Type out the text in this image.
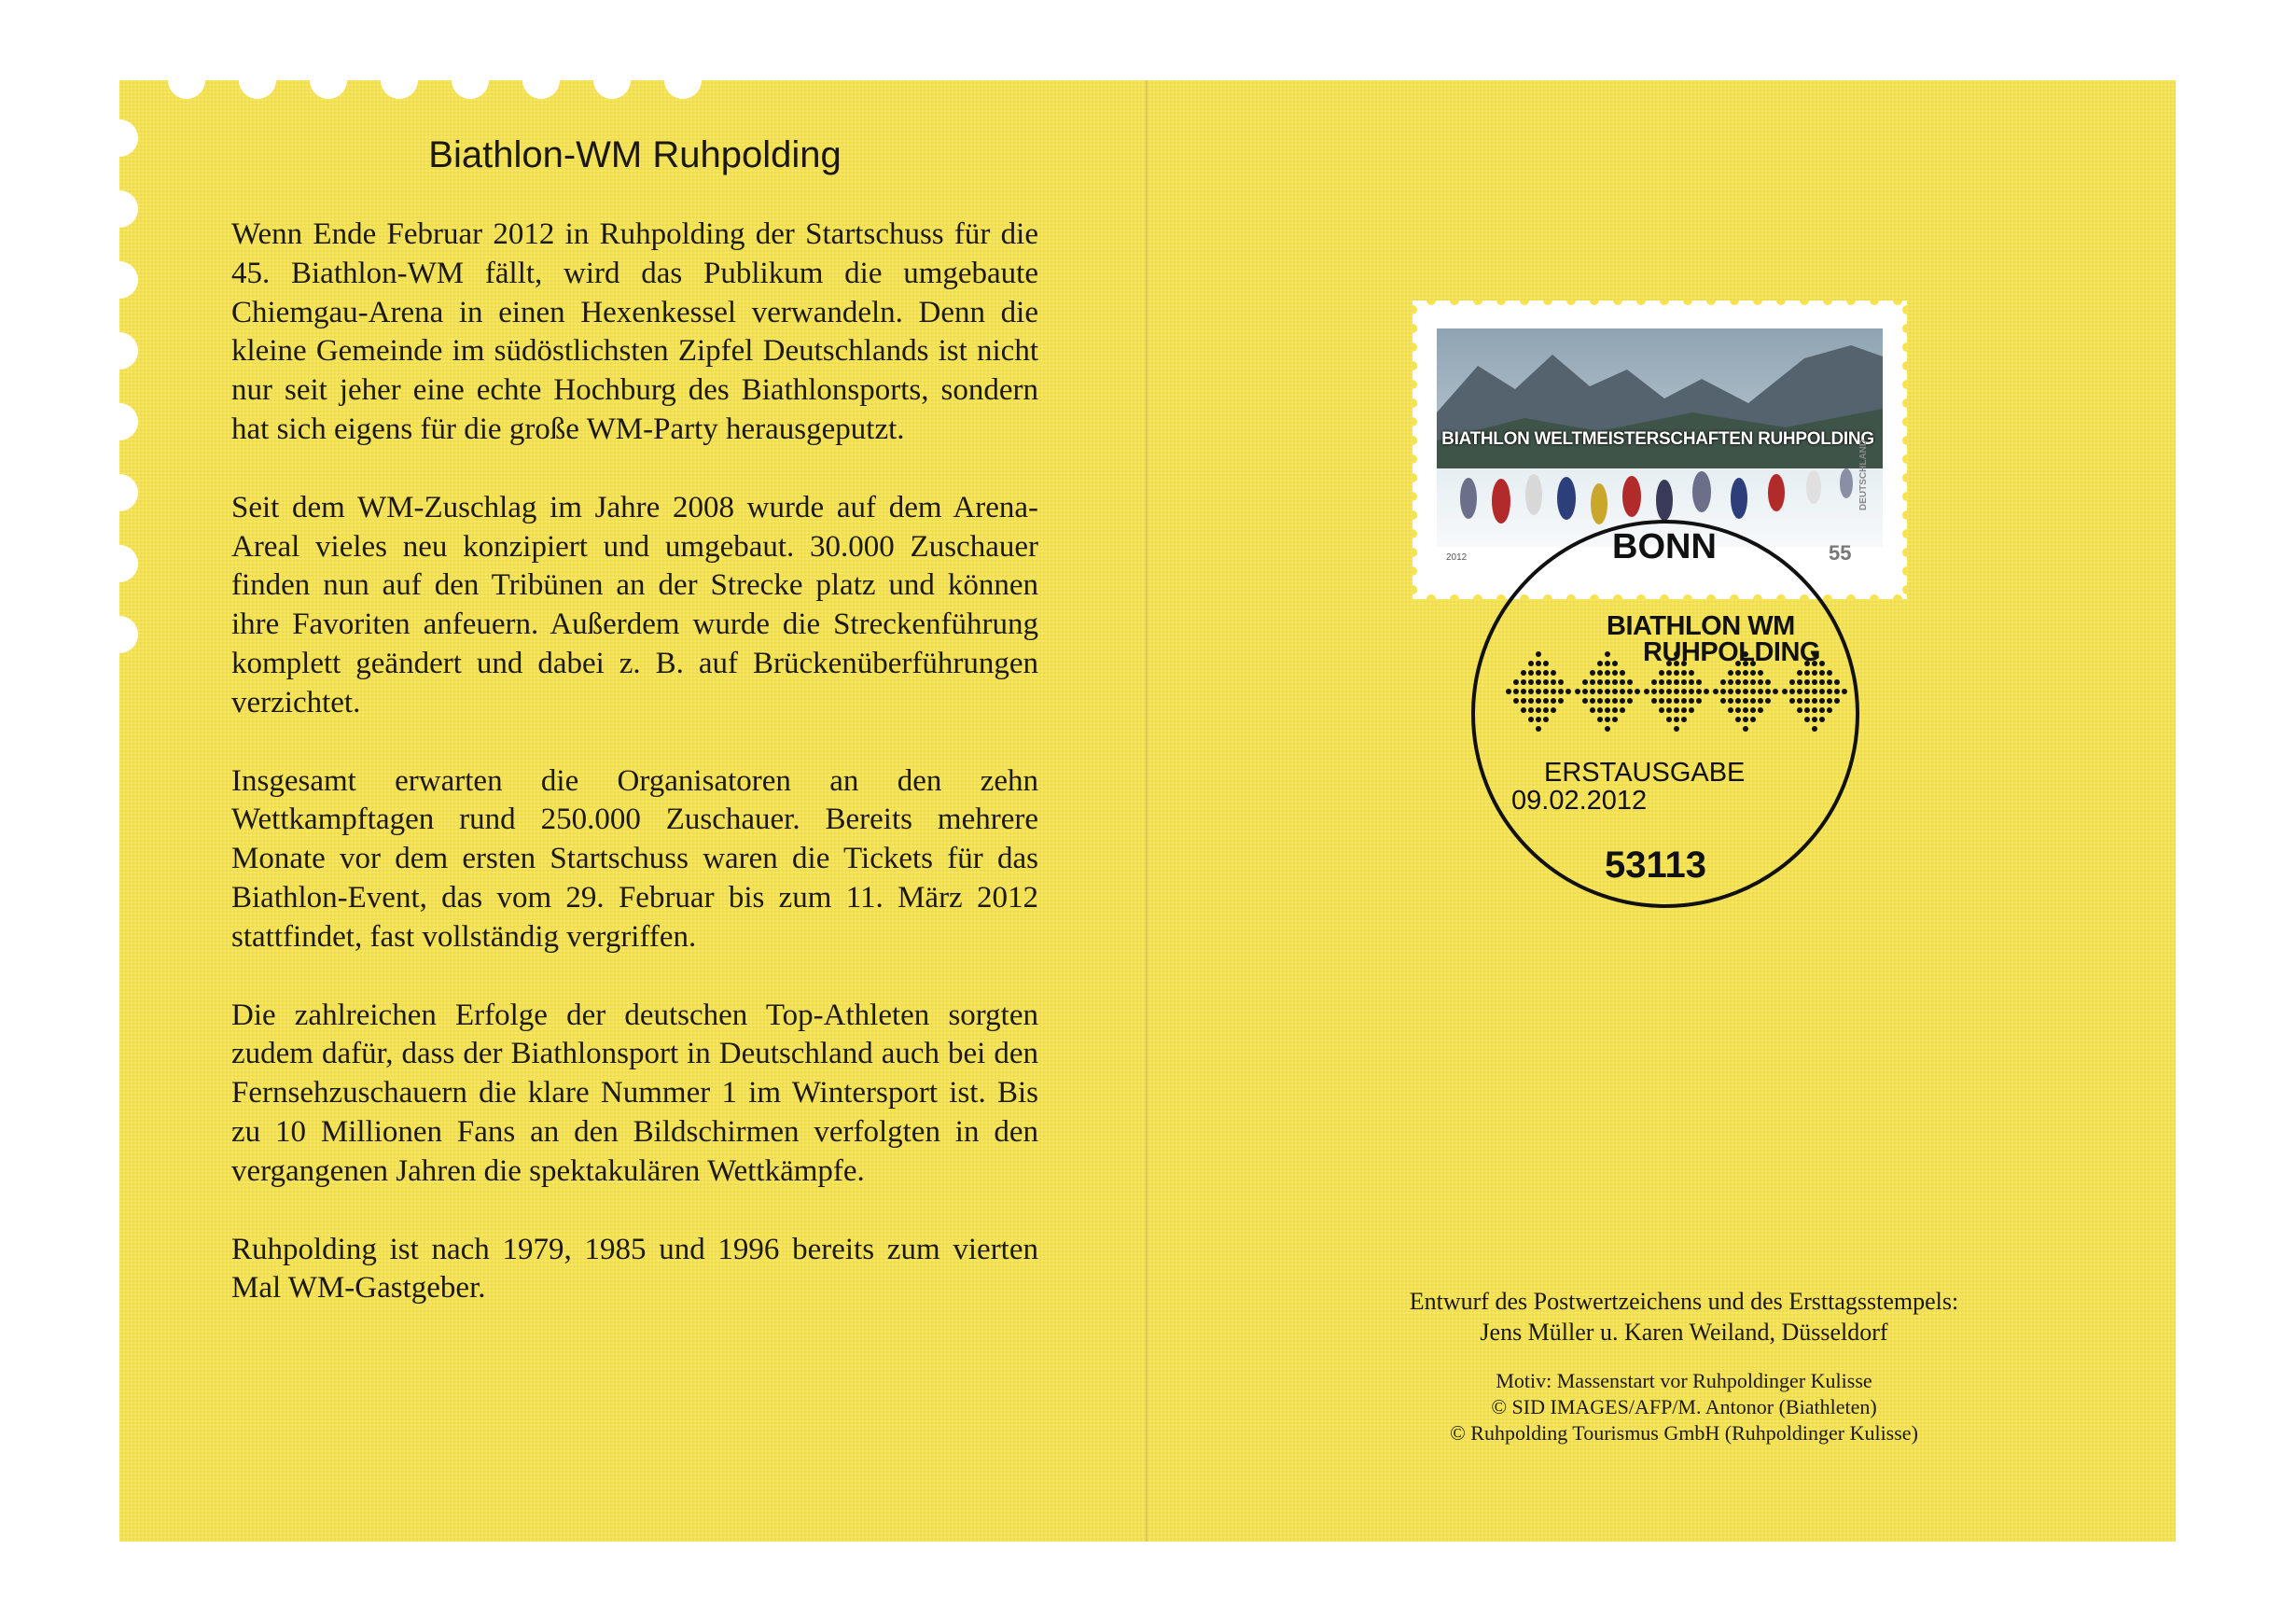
Biathlon-WM Ruhpolding

Wenn Ende Februar 2012 in Ruhpolding der Startschuss für die 45. Biathlon-WM fällt, wird das Publikum die umgebaute Chiemgau-Arena in einen Hexenkessel verwandeln. Denn die kleine Gemeinde im südöstlichsten Zipfel Deutschlands ist nicht nur seit jeher eine echte Hochburg des Biathlonsports, sondern hat sich eigens für die große WM-Party herausgeputzt.

Seit dem WM-Zuschlag im Jahre 2008 wurde auf dem Arena-Areal vieles neu konzipiert und umgebaut. 30.000 Zuschauer finden nun auf den Tribünen an der Strecke platz und können ihre Favoriten anfeuern. Außerdem wurde die Streckenführung komplett geändert und dabei z. B. auf Brückenüberführungen verzichtet.

Insgesamt erwarten die Organisatoren an den zehn Wettkampftagen rund 250.000 Zuschauer. Bereits mehrere Monate vor dem ersten Startschuss waren die Tickets für das Biathlon-Event, das vom 29. Februar bis zum 11. März 2012 stattfindet, fast vollständig vergriffen.

Die zahlreichen Erfolge der deutschen Top-Athleten sorgten zudem dafür, dass der Biathlonsport in Deutschland auch bei den Fernsehzuschauern die klare Nummer 1 im Wintersport ist. Bis zu 10 Millionen Fans an den Bildschirmen verfolgten in den vergangenen Jahren die spektakulären Wettkämpfe.

Ruhpolding ist nach 1979, 1985 und 1996 bereits zum vierten Mal WM-Gastgeber.

BIATHLON WELTMEISTERSCHAFTEN RUHPOLDING
2012	55
DEUTSCHLAND
BONN
BIATHLON WM
RUHPOLDING
ERSTAUSGABE
09.02.2012
53113
Entwurf des Postwertzeichens und des Ersttagsstempels:
Jens Müller u. Karen Weiland, Düsseldorf
Motiv: Massenstart vor Ruhpoldinger Kulisse
© SID IMAGES/AFP/M. Antonor (Biathleten)
© Ruhpolding Tourismus GmbH (Ruhpoldinger Kulisse)
